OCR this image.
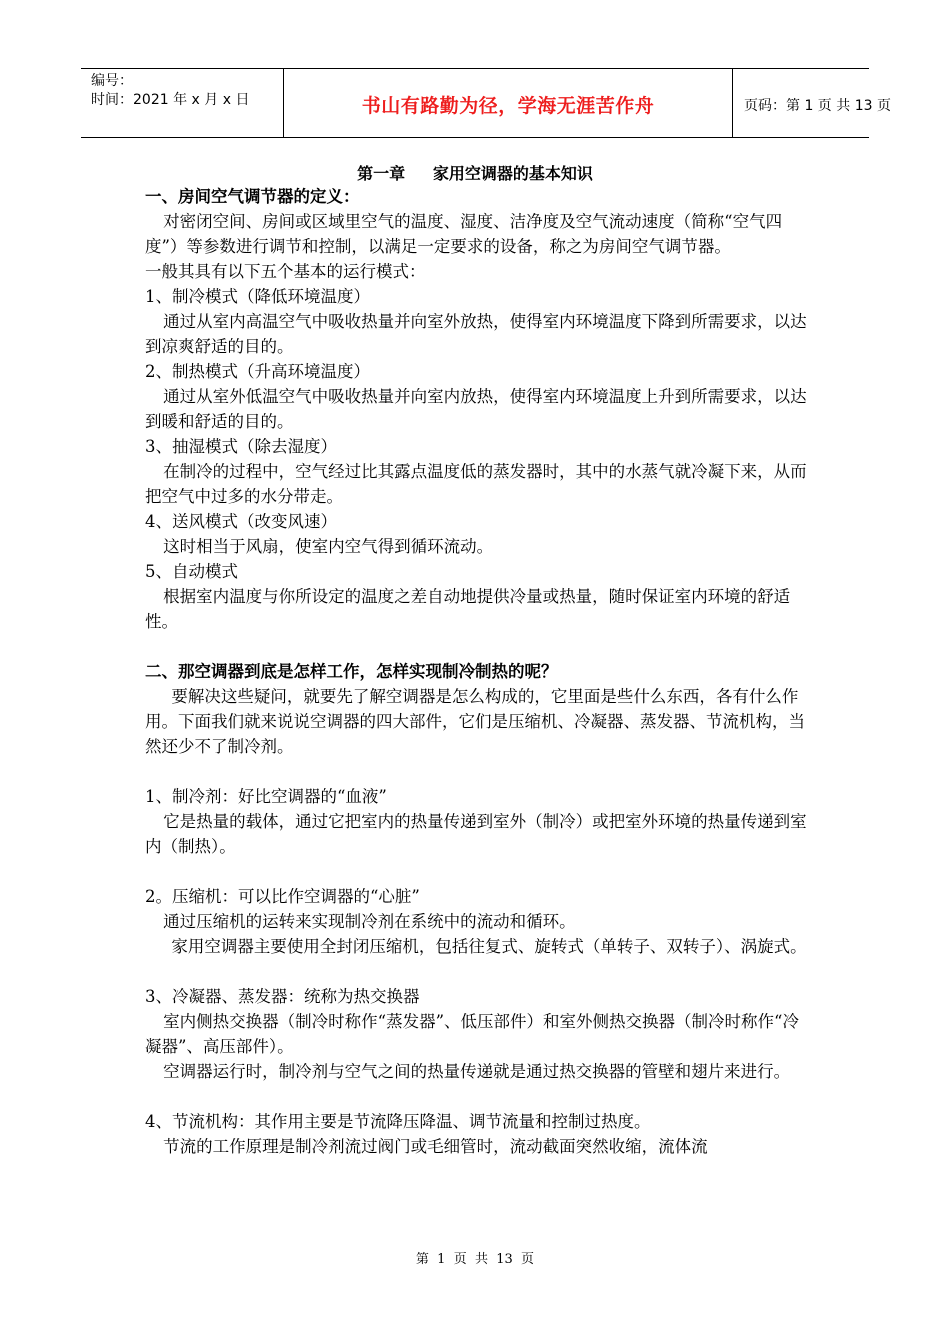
编号：
时间：2021 年 x 月 x 日	书山有路勤为径，学海无涯苦作舟	页码：第 1 页 共 13 页
第一章     家用空调器的基本知识

一、房间空气调节器的定义：

对密闭空间、房间或区域里空气的温度、湿度、洁净度及空气流动速度（简称“空气四度”）等参数进行调节和控制，以满足一定要求的设备，称之为房间空气调节器。

一般其具有以下五个基本的运行模式：

1、制冷模式（降低环境温度）

通过从室内高温空气中吸收热量并向室外放热，使得室内环境温度下降到所需要求，以达到凉爽舒适的目的。

2、制热模式（升高环境温度）

通过从室外低温空气中吸收热量并向室内放热，使得室内环境温度上升到所需要求，以达到暖和舒适的目的。

3、抽湿模式（除去湿度）

在制冷的过程中，空气经过比其露点温度低的蒸发器时，其中的水蒸气就冷凝下来，从而把空气中过多的水分带走。

4、送风模式（改变风速）

这时相当于风扇，使室内空气得到循环流动。

5、自动模式

根据室内温度与你所设定的温度之差自动地提供冷量或热量，随时保证室内环境的舒适性。

二、那空调器到底是怎样工作，怎样实现制冷制热的呢？

要解决这些疑问，就要先了解空调器是怎么构成的，它里面是些什么东西，各有什么作用。下面我们就来说说空调器的四大部件，它们是压缩机、冷凝器、蒸发器、节流机构，当然还少不了制冷剂。

1、制冷剂：好比空调器的“血液”

它是热量的载体，通过它把室内的热量传递到室外（制冷）或把室外环境的热量传递到室内（制热）。

2。压缩机：可以比作空调器的“心脏”

通过压缩机的运转来实现制冷剂在系统中的流动和循环。

家用空调器主要使用全封闭压缩机，包括往复式、旋转式（单转子、双转子）、涡旋式。

3、冷凝器、蒸发器：统称为热交换器

室内侧热交换器（制冷时称作“蒸发器”、低压部件）和室外侧热交换器（制冷时称作“冷凝器”、高压部件）。

空调器运行时，制冷剂与空气之间的热量传递就是通过热交换器的管壁和翅片来进行。

4、节流机构：其作用主要是节流降压降温、调节流量和控制过热度。

节流的工作原理是制冷剂流过阀门或毛细管时，流动截面突然收缩，流体流

第  1  页  共  13  页
